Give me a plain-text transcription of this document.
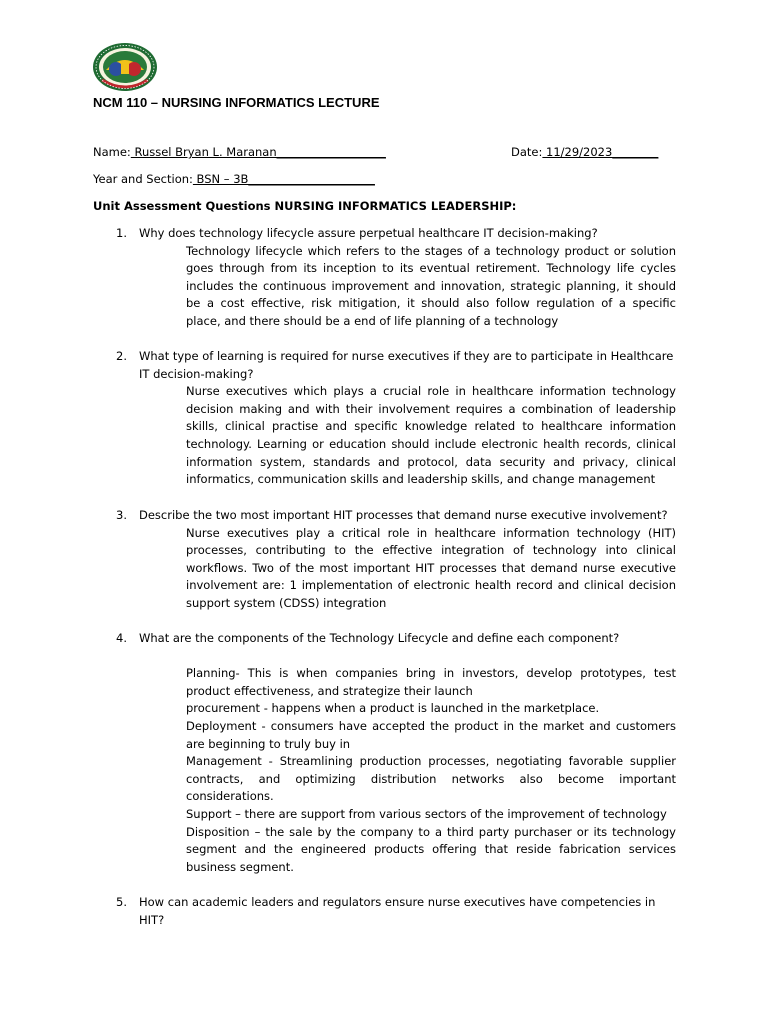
NCM 110 – NURSING INFORMATICS LECTURE
Name: Russel Bryan L. Maranan___________________	Date: 11/29/2023________
Year and Section: BSN – 3B______________________
Unit Assessment Questions NURSING INFORMATICS LEADERSHIP:
1.	Why does technology lifecycle assure perpetual healthcare IT decision-making?
Technology lifecycle which refers to the stages of a technology product or solution goes through from its inception to its eventual retirement. Technology life cycles includes the continuous improvement and innovation, strategic planning, it should be a cost effective, risk mitigation, it should also follow regulation of a specific place, and there should be a end of life planning of a technology
2.	What type of learning is required for nurse executives if they are to participate in Healthcare IT decision-making?
Nurse executives which plays a crucial role in healthcare information technology decision making and with their involvement requires a combination of leadership skills, clinical practise and specific knowledge related to healthcare information technology. Learning or education should include electronic health records, clinical information system, standards and protocol, data security and privacy, clinical informatics, communication skills and leadership skills, and change management
3.	Describe the two most important HIT processes that demand nurse executive involvement?
Nurse executives play a critical role in healthcare information technology (HIT) processes, contributing to the effective integration of technology into clinical workflows. Two of the most important HIT processes that demand nurse executive involvement are: 1 implementation of electronic health record and clinical decision support system (CDSS) integration
4.	What are the components of the Technology Lifecycle and define each component?
Planning- This is when companies bring in investors, develop prototypes, test product effectiveness, and strategize their launch
procurement - happens when a product is launched in the marketplace.
Deployment - consumers have accepted the product in the market and customers are beginning to truly buy in
Management - Streamlining production processes, negotiating favorable supplier contracts, and optimizing distribution networks also become important considerations.
Support – there are support from various sectors of the improvement of technology
Disposition – the sale by the company to a third party purchaser or its technology segment and the engineered products offering that reside fabrication services business segment.
5.	How can academic leaders and regulators ensure nurse executives have competencies in HIT?
